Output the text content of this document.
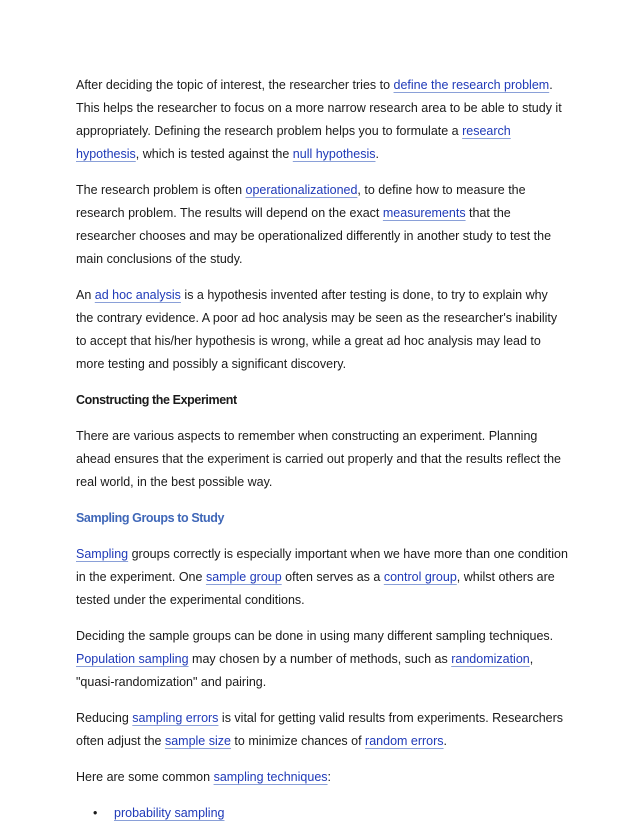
After deciding the topic of interest, the researcher tries to define the research problem. This helps the researcher to focus on a more narrow research area to be able to study it appropriately. Defining the research problem helps you to formulate a research hypothesis, which is tested against the null hypothesis.

The research problem is often operationalizationed, to define how to measure the research problem. The results will depend on the exact measurements that the researcher chooses and may be operationalized differently in another study to test the main conclusions of the study.

An ad hoc analysis is a hypothesis invented after testing is done, to try to explain why the contrary evidence. A poor ad hoc analysis may be seen as the researcher's inability to accept that his/her hypothesis is wrong, while a great ad hoc analysis may lead to more testing and possibly a significant discovery.

Constructing the Experiment

There are various aspects to remember when constructing an experiment. Planning ahead ensures that the experiment is carried out properly and that the results reflect the real world, in the best possible way.

Sampling Groups to Study

Sampling groups correctly is especially important when we have more than one condition in the experiment. One sample group often serves as a control group, whilst others are tested under the experimental conditions.

Deciding the sample groups can be done in using many different sampling techniques. Population sampling may chosen by a number of methods, such as randomization, "quasi-randomization" and pairing.

Reducing sampling errors is vital for getting valid results from experiments. Researchers often adjust the sample size to minimize chances of random errors.

Here are some common sampling techniques:

• probability sampling
